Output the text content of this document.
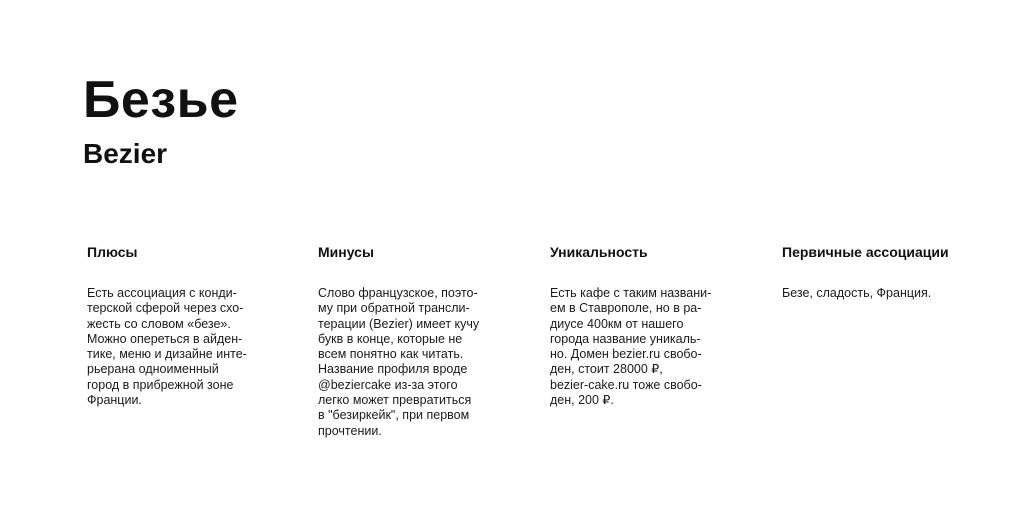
Безье
Bezier
Плюсы
Есть ассоциация с конди-
терской сферой через схо-
жесть со словом «безе».
Можно опереться в айден-
тике, меню и дизайне инте-
рьерана одноименный
город в прибрежной зоне
Франции.
Минусы
Слово французское, поэто-
му при обратной трансли-
терации (Bezier) имеет кучу
букв в конце, которые не
всем понятно как читать.
Название профиля вроде
@beziercake из-за этого
легко может превратиться
в "безиркейк", при первом
прочтении.
Уникальность
Есть кафе с таким названи-
ем в Ставрополе, но в ра-
диусе 400км от нашего
города название уникаль-
но. Домен bezier.ru свобо-
ден, стоит 28000 ₽,
bezier-cake.ru тоже свобо-
ден, 200 ₽.
Первичные ассоциации
Безе, сладость, Франция.
